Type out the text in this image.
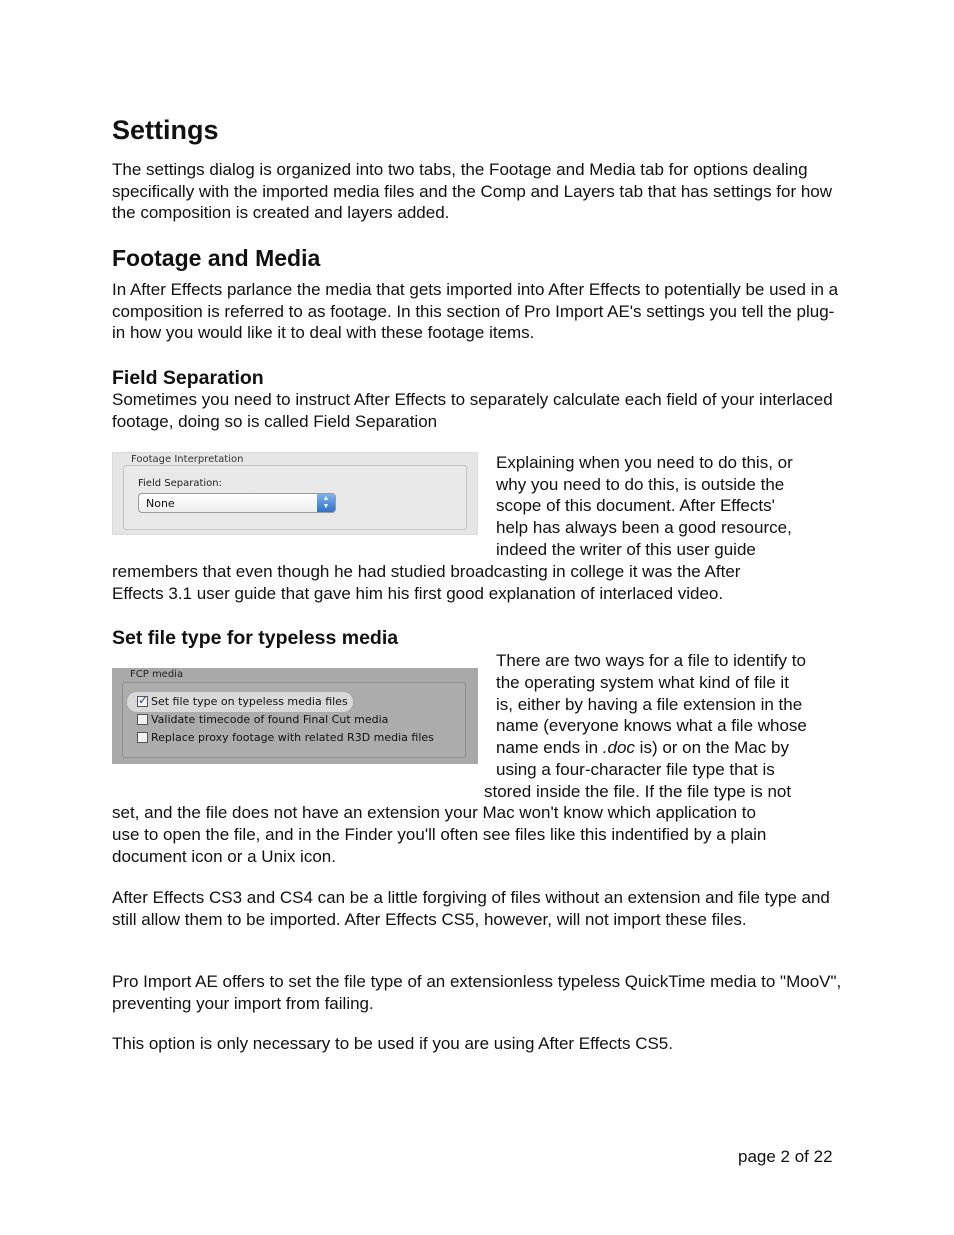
Settings

The settings dialog is organized into two tabs, the Footage and Media tab for options dealing specifically with the imported media files and the Comp and Layers tab that has settings for how the composition is created and layers added.

Footage and Media

In After Effects parlance the media that gets imported into After Effects to potentially be used in a composition is referred to as footage. In this section of Pro Import AE's settings you tell the plug-in how you would like it to deal with these footage items.

Field Separation

Sometimes you need to instruct After Effects to separately calculate each field of your interlaced footage, doing so is called Field Separation

Footage Interpretation
Field Separation:
None	▲
▼
Explaining when you need to do this, or
why you need to do this, is outside the
scope of this document. After Effects'
help has always been a good resource,
indeed the writer of this user guide
remembers that even though he had studied broadcasting in college it was the After
Effects 3.1 user guide that gave him his first good explanation of interlaced video.
Set file type for typeless media
FCP media
✓Set file type on typeless media files
Validate timecode of found Final Cut media
Replace proxy footage with related R3D media files
There are two ways for a file to identify to
the operating system what kind of file it
is, either by having a file extension in the
name (everyone knows what a file whose
name ends in .doc is) or on the Mac by
using a four-character file type that is
stored inside the file. If the file type is not
set, and the file does not have an extension your Mac won't know which application to
use to open the file, and in the Finder you'll often see files like this indentified by a plain
document icon or a Unix icon.

After Effects CS3 and CS4 can be a little forgiving of files without an extension and file type and still allow them to be imported. After Effects CS5, however, will not import these files.

Pro Import AE offers to set the file type of an extensionless typeless QuickTime media to "MooV", preventing your import from failing.

This option is only necessary to be used if you are using After Effects CS5.

page 2 of 22
